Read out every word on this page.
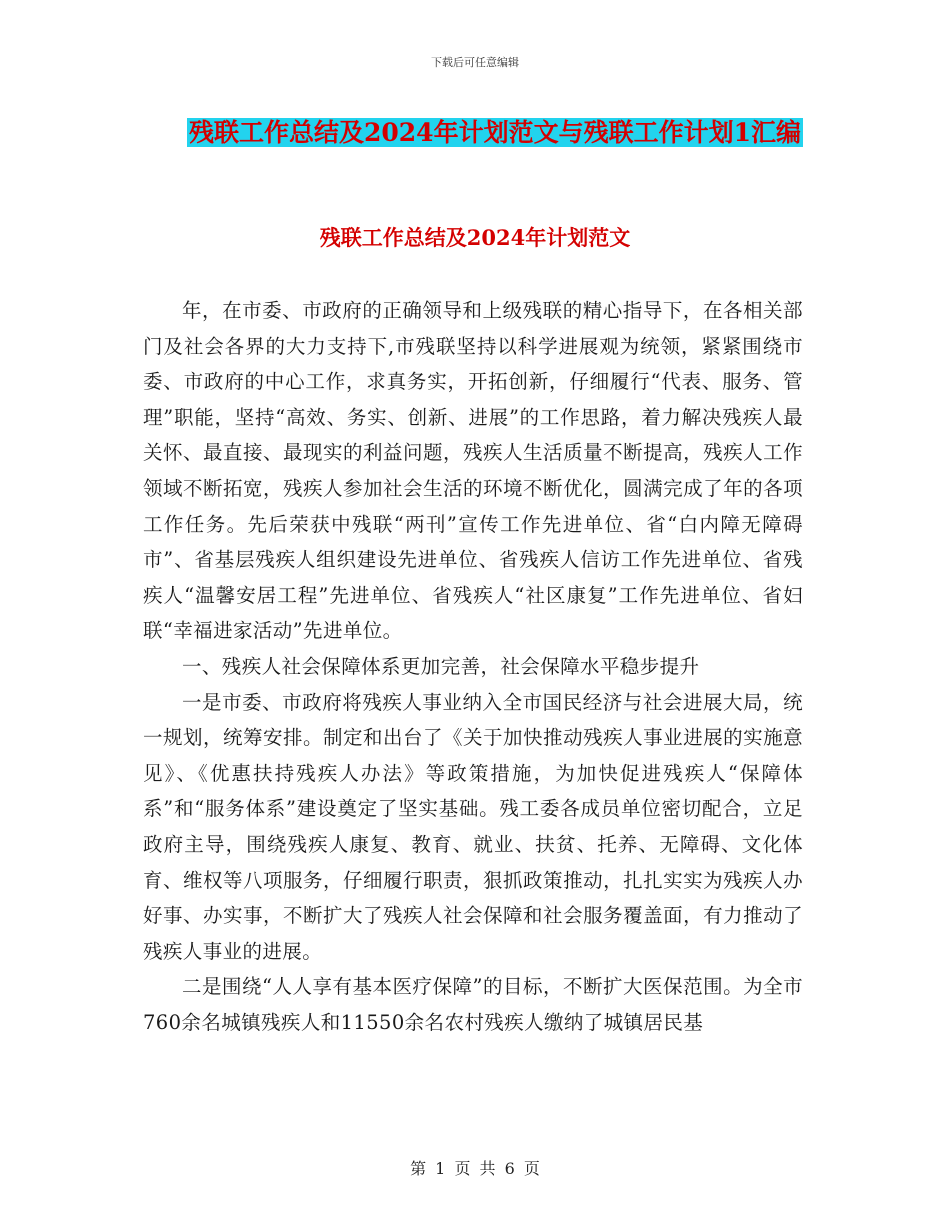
下载后可任意编辑
残联工作总结及2024年计划范文与残联工作计划1汇编
残联工作总结及2024年计划范文

年，在市委、市政府的正确领导和上级残联的精心指导下，在各相关部门及社会各界的大力支持下,市残联坚持以科学进展观为统领，紧紧围绕市委、市政府的中心工作，求真务实，开拓创新，仔细履行“代表、服务、管理”职能，坚持“高效、务实、创新、进展”的工作思路，着力解决残疾人最关怀、最直接、最现实的利益问题，残疾人生活质量不断提高，残疾人工作领域不断拓宽，残疾人参加社会生活的环境不断优化，圆满完成了年的各项工作任务。先后荣获中残联“两刊”宣传工作先进单位、省“白内障无障碍市”、省基层残疾人组织建设先进单位、省残疾人信访工作先进单位、省残疾人“温馨安居工程”先进单位、省残疾人“社区康复”工作先进单位、省妇联“幸福进家活动”先进单位。

一、残疾人社会保障体系更加完善，社会保障水平稳步提升

一是市委、市政府将残疾人事业纳入全市国民经济与社会进展大局，统一规划，统筹安排。制定和出台了《关于加快推动残疾人事业进展的实施意见》、《优惠扶持残疾人办法》等政策措施，为加快促进残疾人“保障体系”和“服务体系”建设奠定了坚实基础。残工委各成员单位密切配合，立足政府主导，围绕残疾人康复、教育、就业、扶贫、托养、无障碍、文化体育、维权等八项服务，仔细履行职责，狠抓政策推动，扎扎实实为残疾人办好事、办实事，不断扩大了残疾人社会保障和社会服务覆盖面，有力推动了残疾人事业的进展。

二是围绕“人人享有基本医疗保障”的目标，不断扩大医保范围。为全市760余名城镇残疾人和11550余名农村残疾人缴纳了城镇居民基

第 1 页 共 6 页
